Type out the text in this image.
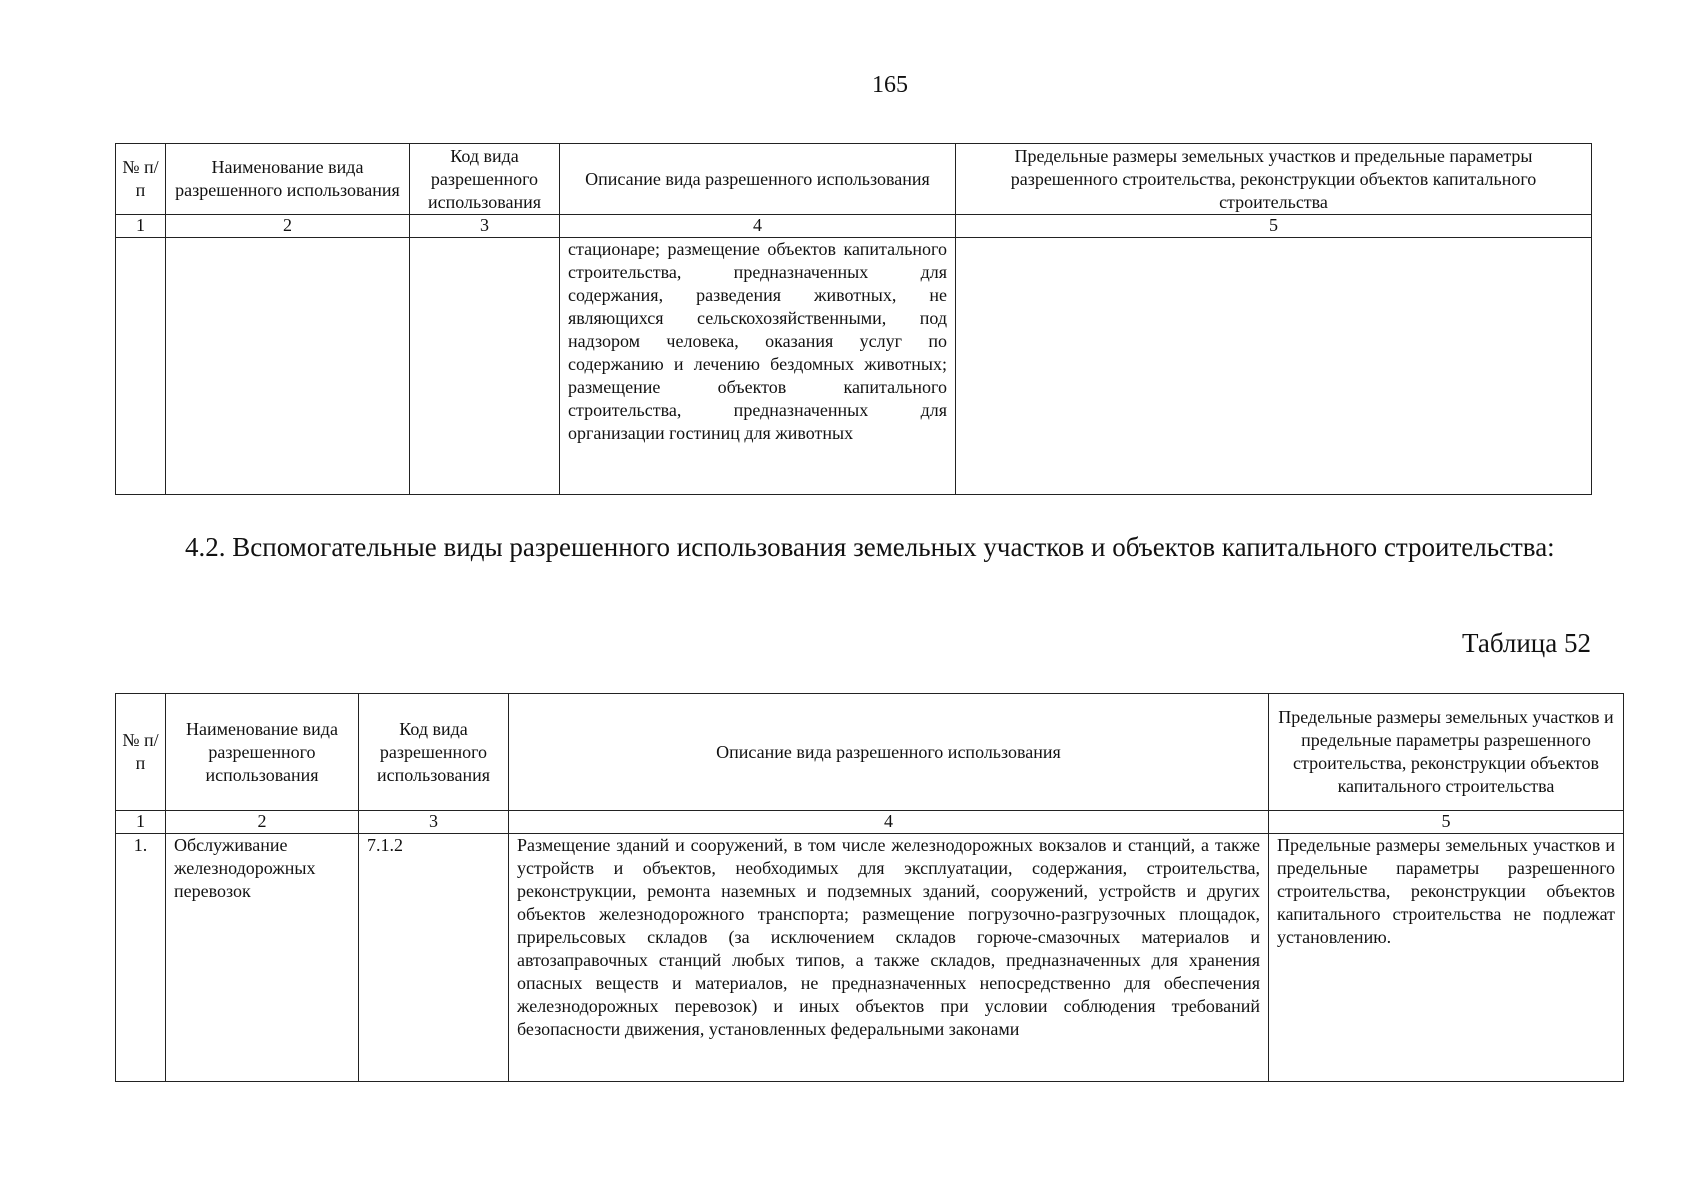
165
№ п/п	Наименование вида разрешенного использования	Код вида разрешенного использования	Описание вида разрешенного использования	Предельные размеры земельных участков и предельные параметры разрешенного строительства, реконструкции объектов капитального строительства
1	2	3	4	5
			стационаре; размещение объектов капитального строительства, предназначенных для содержания, разведения животных, не являющихся сельскохозяйственными, под надзором человека, оказания услуг по содержанию и лечению бездомных животных; размещение объектов капитального строительства, предназначенных для организации гостиниц для животных	
4.2. Вспомогательные виды разрешенного использования земельных участков и объектов капитального строительства:
Таблица 52
№ п/п	Наименование вида разрешенного использования	Код вида разрешенного использования	Описание вида разрешенного использования	Предельные размеры земельных участков и предельные параметры разрешенного строительства, реконструкции объектов капитального строительства
1	2	3	4	5
1.	Обслуживание железнодорожных перевозок	7.1.2	Размещение зданий и сооружений, в том числе железнодорожных вокзалов и станций, а также устройств и объектов, необходимых для эксплуатации, содержания, строительства, реконструкции, ремонта наземных и подземных зданий, сооружений, устройств и других объектов железнодорожного транспорта; размещение погрузочно-разгрузочных площадок, прирельсовых складов (за исключением складов горюче-смазочных материалов и автозаправочных станций любых типов, а также складов, предназначенных для хранения опасных веществ и материалов, не предназначенных непосредственно для обеспечения железнодорожных перевозок) и иных объектов при условии соблюдения требований безопасности движения, установленных федеральными законами	Предельные размеры земельных участков и предельные параметры разрешенного строительства, реконструкции объектов капитального строительства не подлежат установлению.
